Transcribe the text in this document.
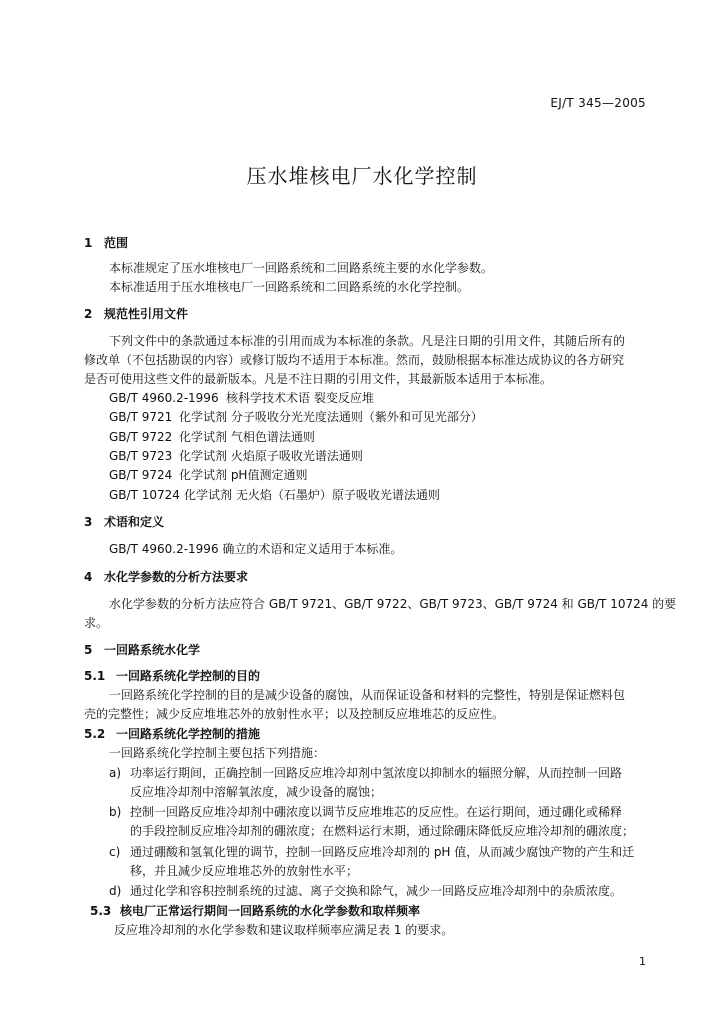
EJ/T 345—2005
压水堆核电厂水化学控制
1 范围
本标准规定了压水堆核电厂一回路系统和二回路系统主要的水化学参数。
本标准适用于压水堆核电厂一回路系统和二回路系统的水化学控制。
2 规范性引用文件
下列文件中的条款通过本标准的引用而成为本标准的条款。凡是注日期的引用文件，其随后所有的
修改单（不包括勘误的内容）或修订版均不适用于本标准。然而，鼓励根据本标准达成协议的各方研究
是否可使用这些文件的最新版本。凡是不注日期的引用文件，其最新版本适用于本标准。
GB/T 4960.2-1996 核科学技术术语 裂变反应堆
GB/T 9721 化学试剂 分子吸收分光光度法通则（紫外和可见光部分）
GB/T 9722 化学试剂 气相色谱法通则
GB/T 9723 化学试剂 火焰原子吸收光谱法通则
GB/T 9724 化学试剂 pH值测定通则
GB/T 10724 化学试剂 无火焰（石墨炉）原子吸收光谱法通则
3 术语和定义
GB/T 4960.2-1996 确立的术语和定义适用于本标准。
4 水化学参数的分析方法要求
水化学参数的分析方法应符合 GB/T 9721、GB/T 9722、GB/T 9723、GB/T 9724 和 GB/T 10724 的要
求。
5 一回路系统水化学
5.1 一回路系统化学控制的目的
一回路系统化学控制的目的是减少设备的腐蚀，从而保证设备和材料的完整性，特别是保证燃料包
壳的完整性；减少反应堆堆芯外的放射性水平；以及控制反应堆堆芯的反应性。
5.2 一回路系统化学控制的措施
一回路系统化学控制主要包括下列措施：
a) 功率运行期间，正确控制一回路反应堆冷却剂中氢浓度以抑制水的辐照分解，从而控制一回路
反应堆冷却剂中溶解氧浓度，减少设备的腐蚀；
b) 控制一回路反应堆冷却剂中硼浓度以调节反应堆堆芯的反应性。在运行期间，通过硼化或稀释
的手段控制反应堆冷却剂的硼浓度；在燃料运行末期，通过除硼床降低反应堆冷却剂的硼浓度；
c) 通过硼酸和氢氧化锂的调节，控制一回路反应堆冷却剂的 pH 值，从而减少腐蚀产物的产生和迁
移，并且减少反应堆堆芯外的放射性水平；
d) 通过化学和容积控制系统的过滤、离子交换和除气，减少一回路反应堆冷却剂中的杂质浓度。
5.3 核电厂正常运行期间一回路系统的水化学参数和取样频率
反应堆冷却剂的水化学参数和建议取样频率应满足表 1 的要求。
1
